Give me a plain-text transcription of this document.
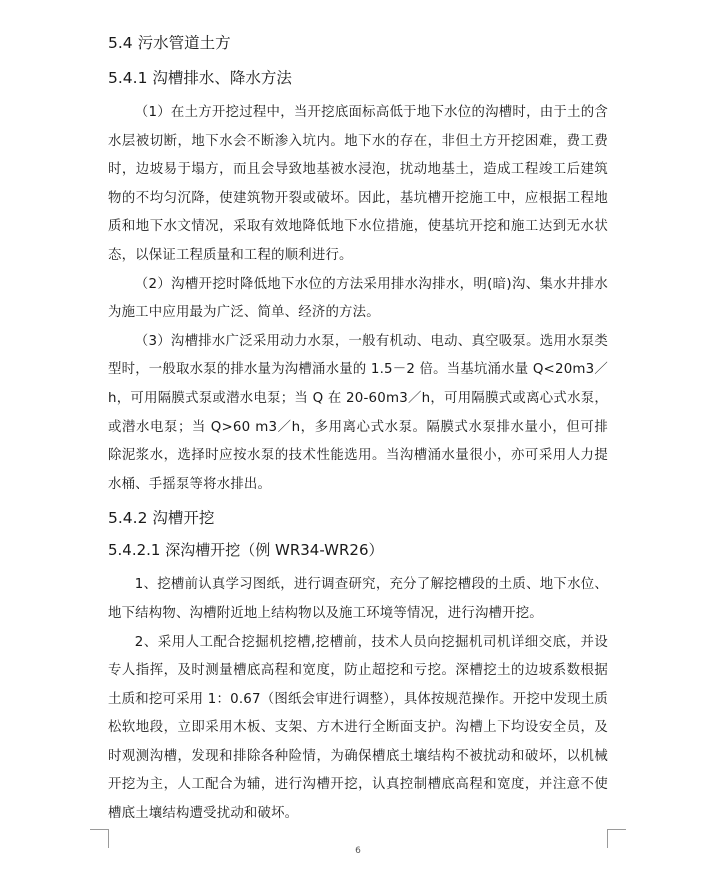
5.4 污水管道土方
5.4.1 沟槽排水、降水方法

（1）在土方开挖过程中，当开挖底面标高低于地下水位的沟槽时，由于土的含水层被切断，地下水会不断渗入坑内。地下水的存在，非但土方开挖困难，费工费时，边坡易于塌方，而且会导致地基被水浸泡，扰动地基土，造成工程竣工后建筑物的不均匀沉降，使建筑物开裂或破坏。因此，基坑槽开挖施工中，应根据工程地质和地下水文情况，采取有效地降低地下水位措施，使基坑开挖和施工达到无水状态，以保证工程质量和工程的顺利进行。

（2）沟槽开挖时降低地下水位的方法采用排水沟排水，明(暗)沟、集水井排水为施工中应用最为广泛、简单、经济的方法。

（3）沟槽排水广泛采用动力水泵，一般有机动、电动、真空吸泵。选用水泵类型时，一般取水泵的排水量为沟槽涌水量的 1.5－2 倍。当基坑涌水量 Q<20m3／h，可用隔膜式泵或潜水电泵；当 Q 在 20-60m3／h，可用隔膜式或离心式水泵，或潜水电泵；当 Q>60 m3／h，多用离心式水泵。隔膜式水泵排水量小，但可排除泥浆水，选择时应按水泵的技术性能选用。当沟槽涌水量很小，亦可采用人力提水桶、手摇泵等将水排出。

5.4.2 沟槽开挖
5.4.2.1 深沟槽开挖（例 WR34-WR26）

1、挖槽前认真学习图纸，进行调查研究，充分了解挖槽段的土质、地下水位、地下结构物、沟槽附近地上结构物以及施工环境等情况，进行沟槽开挖。

2、采用人工配合挖掘机挖槽,挖槽前，技术人员向挖掘机司机详细交底，并设专人指挥，及时测量槽底高程和宽度，防止超挖和亏挖。深槽挖土的边坡系数根据土质和挖可采用 1：0.67（图纸会审进行调整），具体按规范操作。开挖中发现土质松软地段，立即采用木板、支架、方木进行全断面支护。沟槽上下均设安全员，及时观测沟槽，发现和排除各种险情，为确保槽底土壤结构不被扰动和破坏，以机械开挖为主，人工配合为辅，进行沟槽开挖，认真控制槽底高程和宽度，并注意不使槽底土壤结构遭受扰动和破坏。

6
